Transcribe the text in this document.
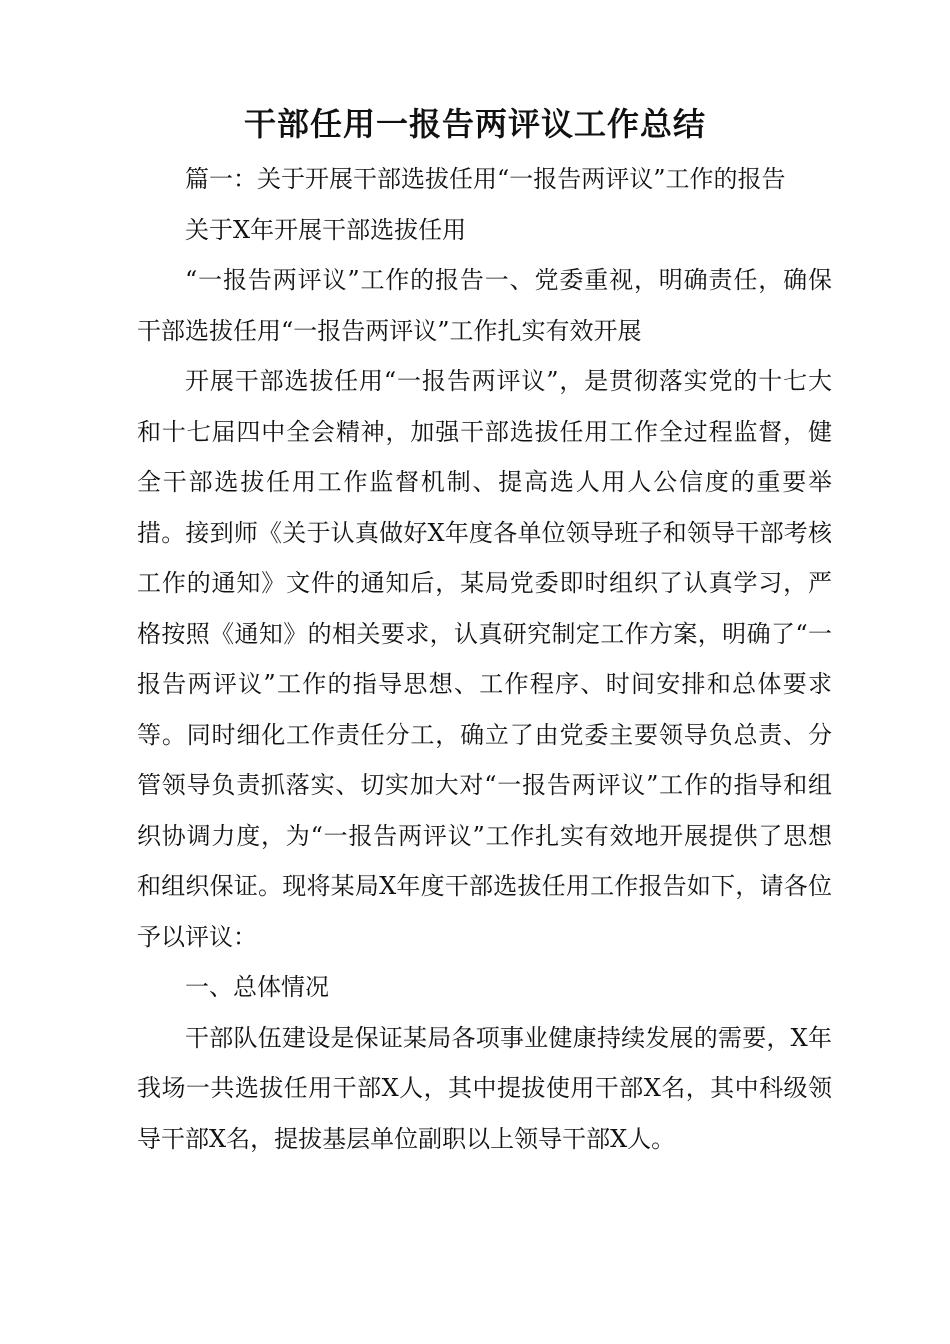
干部任用一报告两评议工作总结

篇一：关于开展干部选拔任用“一报告两评议”工作的报告

关于X年开展干部选拔任用

“一报告两评议”工作的报告一、党委重视，明确责任，确保干部选拔任用“一报告两评议”工作扎实有效开展

开展干部选拔任用“一报告两评议”，是贯彻落实党的十七大和十七届四中全会精神，加强干部选拔任用工作全过程监督，健全干部选拔任用工作监督机制、提高选人用人公信度的重要举措。接到师《关于认真做好X年度各单位领导班子和领导干部考核工作的通知》文件的通知后，某局党委即时组织了认真学习，严格按照《通知》的相关要求，认真研究制定工作方案，明确了“一报告两评议”工作的指导思想、工作程序、时间安排和总体要求等。同时细化工作责任分工，确立了由党委主要领导负总责、分管领导负责抓落实、切实加大对“一报告两评议”工作的指导和组织协调力度，为“一报告两评议”工作扎实有效地开展提供了思想和组织保证。现将某局X年度干部选拔任用工作报告如下，请各位予以评议：

一、总体情况

干部队伍建设是保证某局各项事业健康持续发展的需要，X年我场一共选拔任用干部X人，其中提拔使用干部X名，其中科级领导干部X名，提拔基层单位副职以上领导干部X人。
